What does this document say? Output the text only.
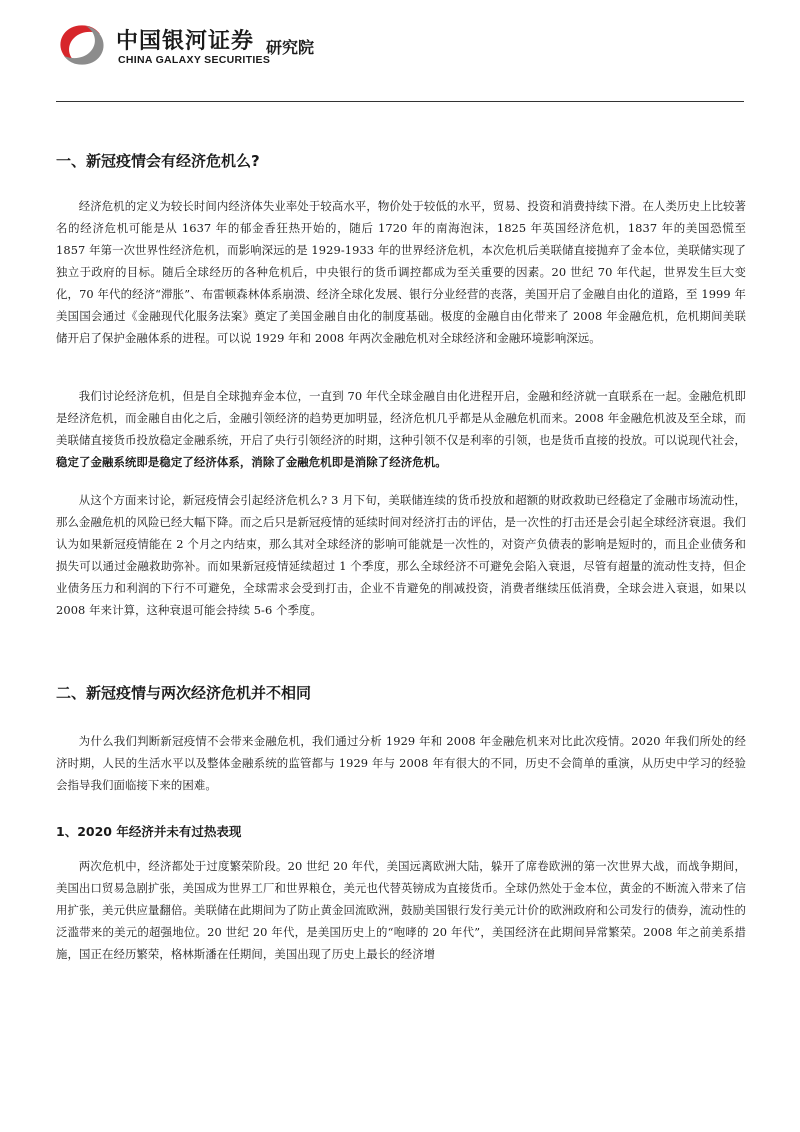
中国银河证券
CHINA GALAXY SECURITIES
研究院
一、新冠疫情会有经济危机么?

经济危机的定义为较长时间内经济体失业率处于较高水平，物价处于较低的水平，贸易、投资和消费持续下滑。在人类历史上比较著名的经济危机可能是从 1637 年的郁金香狂热开始的，随后 1720 年的南海泡沫，1825 年英国经济危机，1837 年的美国恐慌至 1857 年第一次世界性经济危机，而影响深远的是 1929-1933 年的世界经济危机，本次危机后美联储直接抛弃了金本位，美联储实现了独立于政府的目标。随后全球经历的各种危机后，中央银行的货币调控都成为至关重要的因素。20 世纪 70 年代起，世界发生巨大变化，70 年代的经济“滞胀”、布雷顿森林体系崩溃、经济全球化发展、银行分业经营的丧落，美国开启了金融自由化的道路，至 1999 年美国国会通过《金融现代化服务法案》奠定了美国金融自由化的制度基础。极度的金融自由化带来了 2008 年金融危机，危机期间美联储开启了保护金融体系的进程。可以说 1929 年和 2008 年两次金融危机对全球经济和金融环境影响深远。

我们讨论经济危机，但是自全球抛弃金本位，一直到 70 年代全球金融自由化进程开启，金融和经济就一直联系在一起。金融危机即是经济危机，而金融自由化之后，金融引领经济的趋势更加明显，经济危机几乎都是从金融危机而来。2008 年金融危机波及至全球，而美联储直接货币投放稳定金融系统，开启了央行引领经济的时期，这种引领不仅是利率的引领，也是货币直接的投放。可以说现代社会，稳定了金融系统即是稳定了经济体系，消除了金融危机即是消除了经济危机。

从这个方面来讨论，新冠疫情会引起经济危机么? 3 月下旬，美联储连续的货币投放和超额的财政救助已经稳定了金融市场流动性，那么金融危机的风险已经大幅下降。而之后只是新冠疫情的延续时间对经济打击的评估，是一次性的打击还是会引起全球经济衰退。我们认为如果新冠疫情能在 2 个月之内结束，那么其对全球经济的影响可能就是一次性的，对资产负债表的影响是短时的，而且企业债务和损失可以通过金融救助弥补。而如果新冠疫情延续超过 1 个季度，那么全球经济不可避免会陷入衰退，尽管有超量的流动性支持，但企业债务压力和利润的下行不可避免，全球需求会受到打击，企业不肯避免的削减投资，消费者继续压低消费，全球会进入衰退，如果以 2008 年来计算，这种衰退可能会持续 5-6 个季度。

二、新冠疫情与两次经济危机并不相同

为什么我们判断新冠疫情不会带来金融危机，我们通过分析 1929 年和 2008 年金融危机来对比此次疫情。2020 年我们所处的经济时期，人民的生活水平以及整体金融系统的监管都与 1929 年与 2008 年有很大的不同，历史不会简单的重演，从历史中学习的经验会指导我们面临接下来的困难。

1、2020 年经济并未有过热表现

两次危机中，经济都处于过度繁荣阶段。20 世纪 20 年代，美国远离欧洲大陆，躲开了席卷欧洲的第一次世界大战，而战争期间，美国出口贸易急剧扩张，美国成为世界工厂和世界粮仓，美元也代替英镑成为直接货币。全球仍然处于金本位，黄金的不断流入带来了信用扩张，美元供应量翻倍。美联储在此期间为了防止黄金回流欧洲，鼓励美国银行发行美元计价的欧洲政府和公司发行的债券，流动性的泛滥带来的美元的超强地位。20 世纪 20 年代，是美国历史上的“咆哮的 20 年代”，美国经济在此期间异常繁荣。2008 年之前美系措施，国正在经历繁荣，格林斯潘在任期间，美国出现了历史上最长的经济增
